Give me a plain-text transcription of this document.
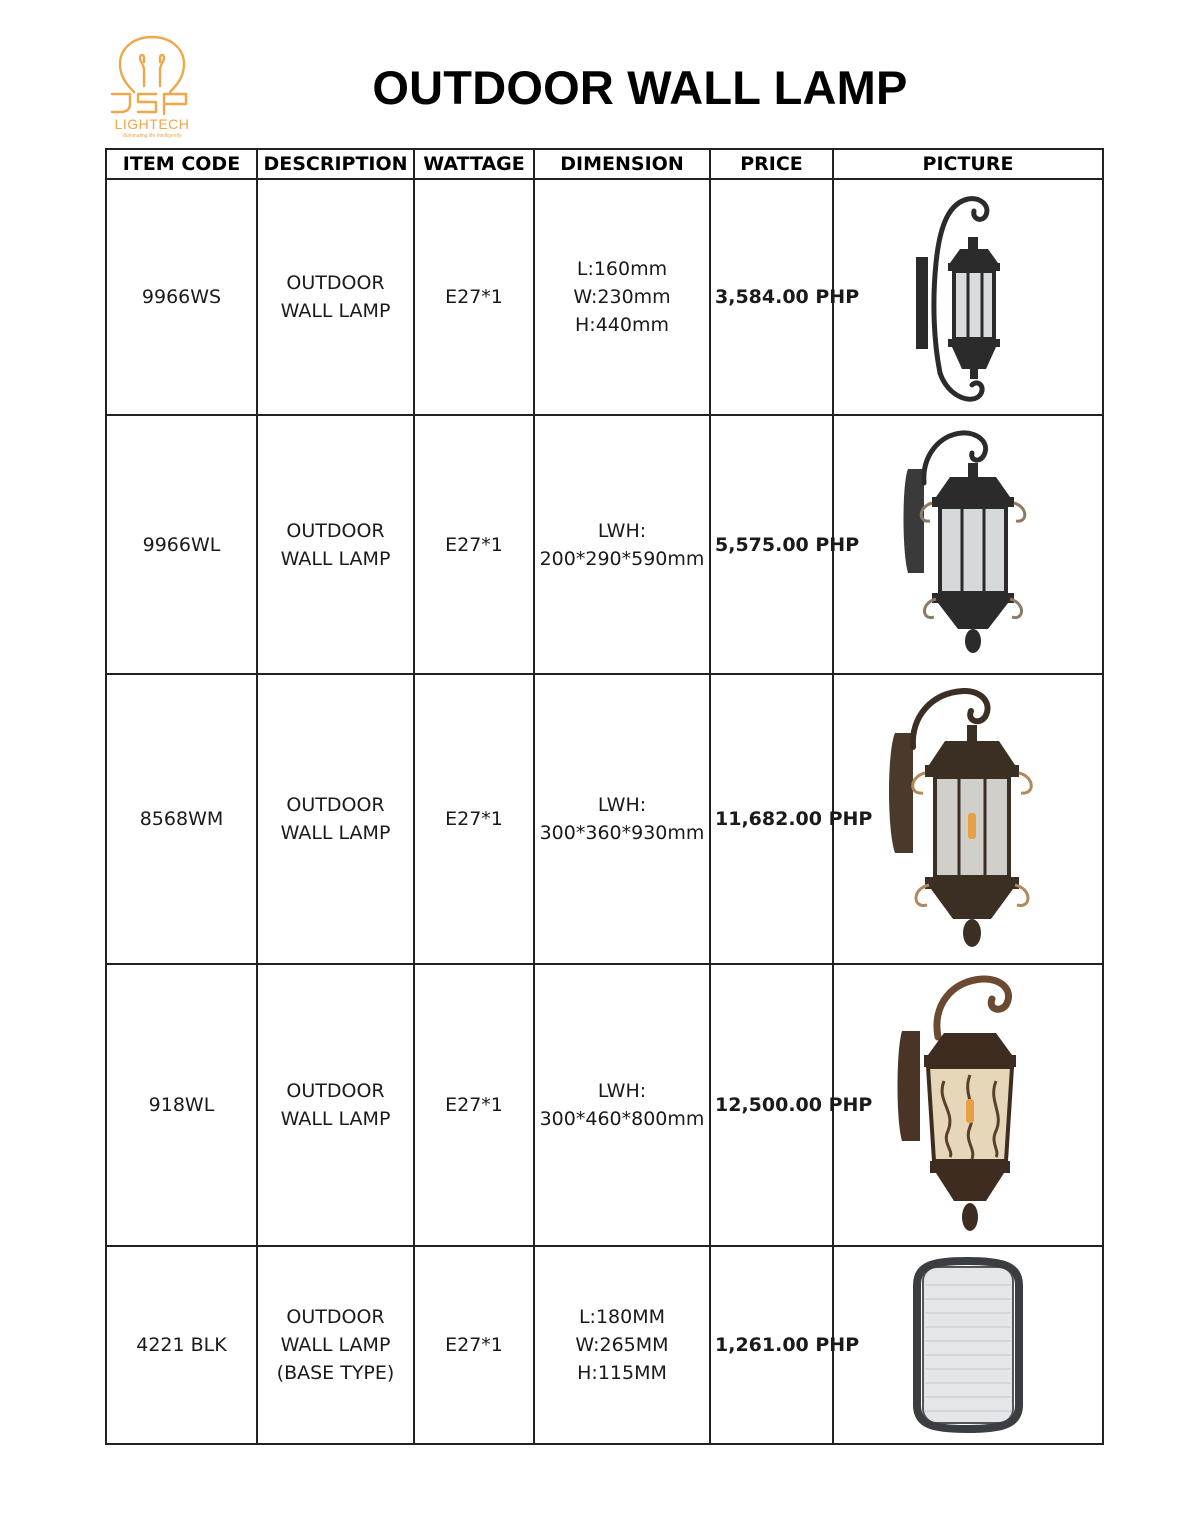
LIGHTECH
illuminating life intelligently
OUTDOOR WALL LAMP
ITEM CODE	DESCRIPTION	WATTAGE	DIMENSION	PRICE	PICTURE
9966WS	OUTDOOR WALL LAMP	E27*1	L:160mm
W:230mm
H:440mm	3,584.00 PHP	

9966WL	OUTDOOR WALL LAMP	E27*1	LWH:
200*290*590mm	5,575.00 PHP	

8568WM	OUTDOOR WALL LAMP	E27*1	LWH:
300*360*930mm	11,682.00 PHP	

918WL	OUTDOOR WALL LAMP	E27*1	LWH:
300*460*800mm	12,500.00 PHP	

4221 BLK	OUTDOOR WALL LAMP (BASE TYPE)	E27*1	L:180MM
W:265MM
H:115MM	1,261.00 PHP	
